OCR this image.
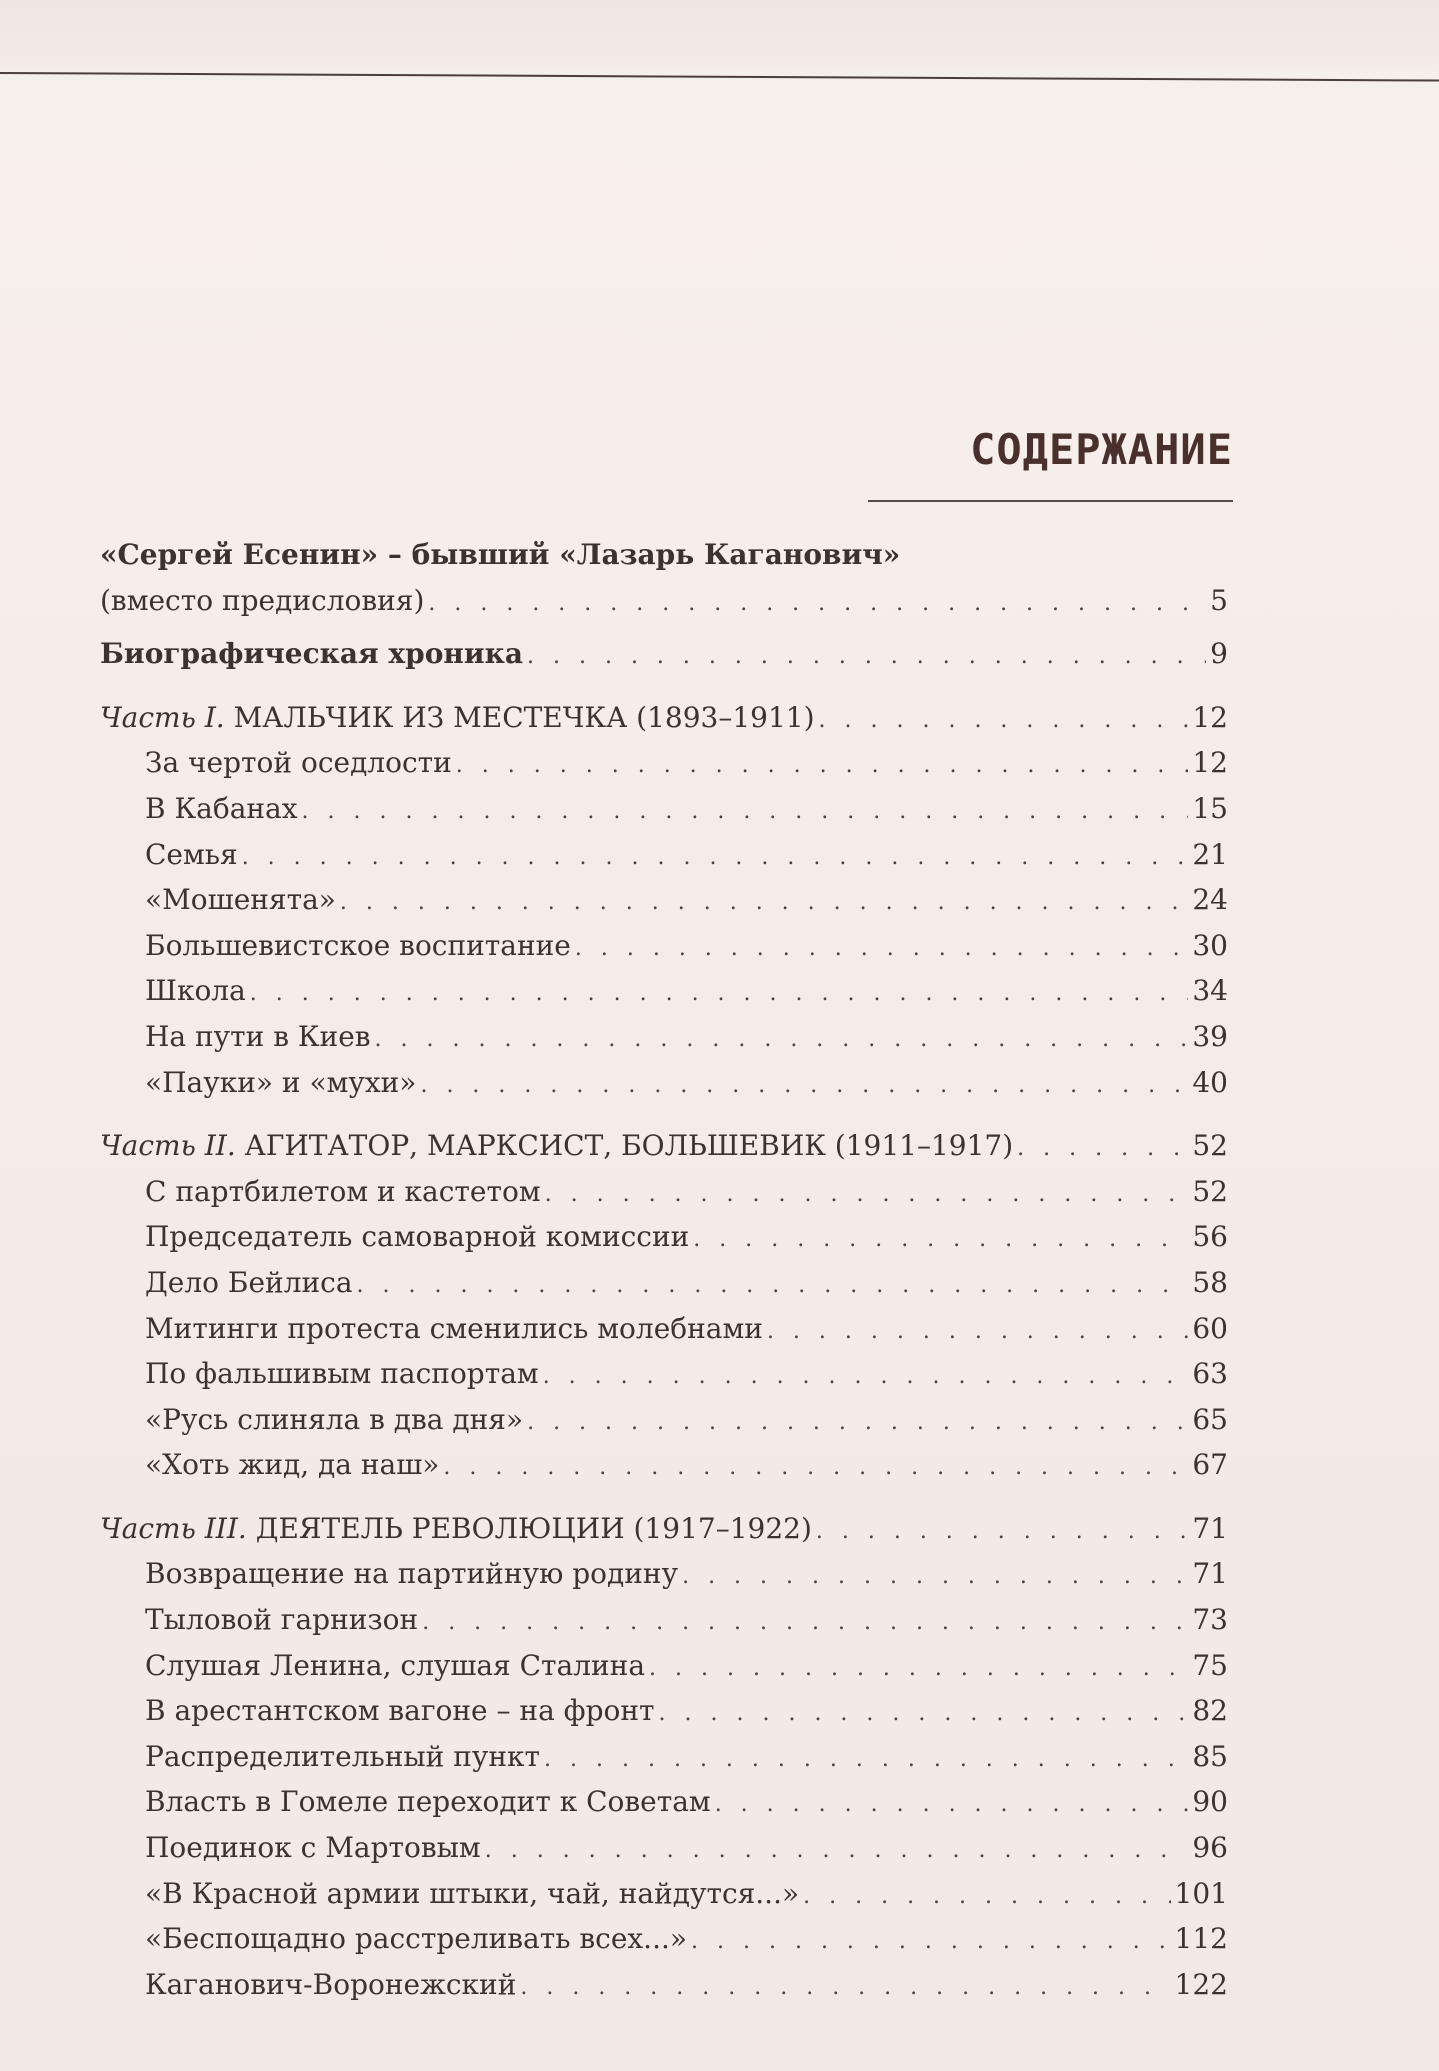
СОДЕРЖАНИЕ
«Сергей Есенин» – бывший «Лазарь Каганович»
(вместо предисловия) . . .	5
Биографическая хроника . . .	9
Часть I. МАЛЬЧИК ИЗ МЕСТЕЧКА (1893–1911) . . .	12
За чертой оседлости . . .	12
В Кабанах . . .	15
Семья . . .	21
«Мошенята» . . .	24
Большевистское воспитание . . .	30
Школа . . .	34
На пути в Киев . . .	39
«Пауки» и «мухи» . . .	40
Часть II. АГИТАТОР, МАРКСИСТ, БОЛЬШЕВИК (1911–1917) . . .	52
С партбилетом и кастетом . . .	52
Председатель самоварной комиссии . . .	56
Дело Бейлиса . . .	58
Митинги протеста сменились молебнами . . .	60
По фальшивым паспортам . . .	63
«Русь слиняла в два дня» . . .	65
«Хоть жид, да наш» . . .	67
Часть III. ДЕЯТЕЛЬ РЕВОЛЮЦИИ (1917–1922) . . .	71
Возвращение на партийную родину . . .	71
Тыловой гарнизон . . .	73
Слушая Ленина, слушая Сталина . . .	75
В арестантском вагоне – на фронт . . .	82
Распределительный пункт . . .	85
Власть в Гомеле переходит к Советам . . .	90
Поединок с Мартовым . . .	96
«В Красной армии штыки, чай, найдутся...» . . .	101
«Беспощадно расстреливать всех...» . . .	112
Каганович-Воронежский . . .	122
